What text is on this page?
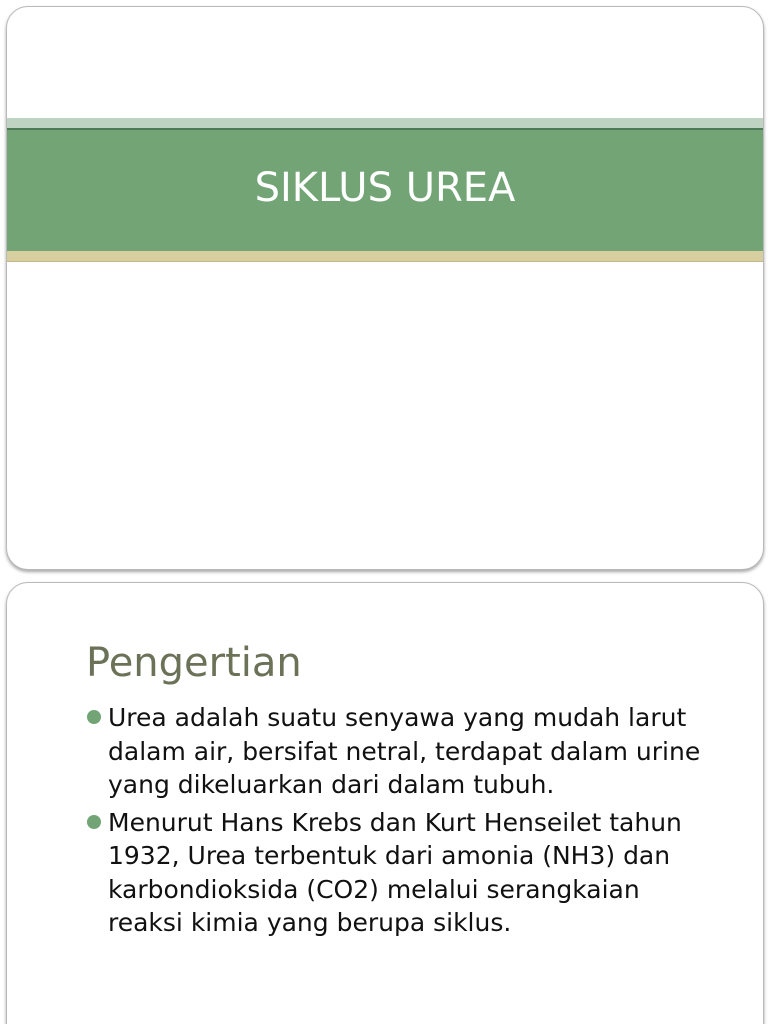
SIKLUS UREA
Pengertian
Urea adalah suatu senyawa yang mudah larut dalam air, bersifat netral, terdapat dalam urine yang dikeluarkan dari dalam tubuh.
Menurut Hans Krebs dan Kurt Henseilet tahun 1932, Urea terbentuk dari amonia (NH3) dan karbondioksida (CO2) melalui serangkaian reaksi kimia yang berupa siklus.
